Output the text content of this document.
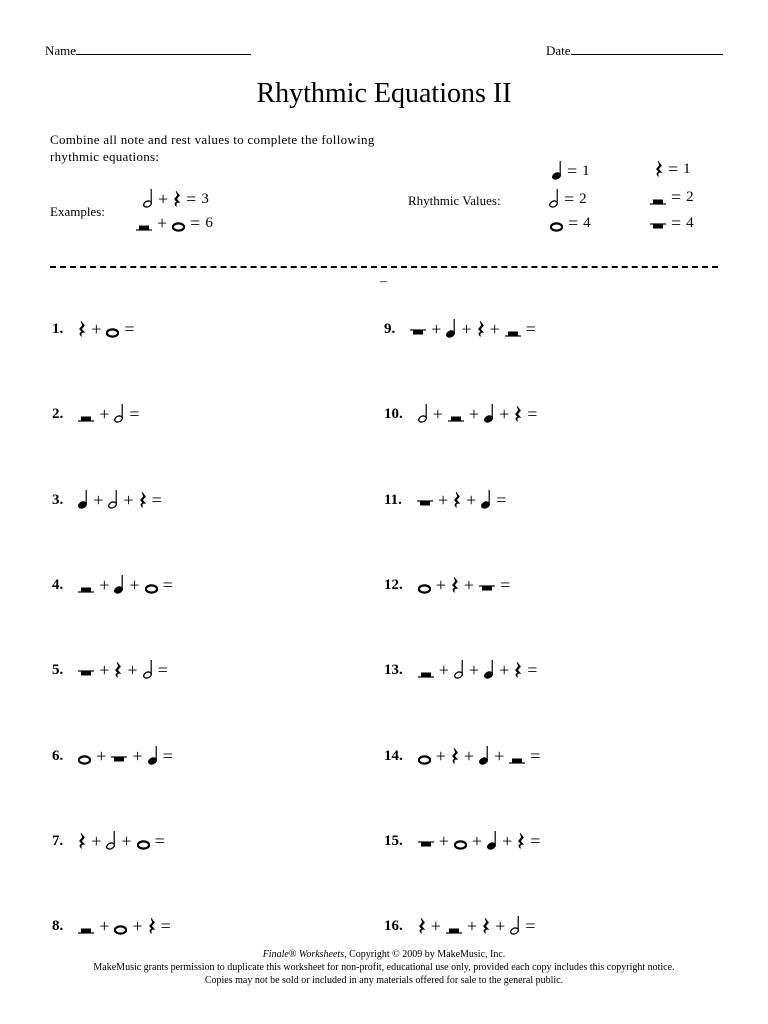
Name	Date
Rhythmic Equations II
Combine all note and rest values to complete the following rhythmic equations:
Examples:
+ = 3
+ = 6
Rhythmic Values:
= 1	= 1
= 2	= 2
= 4	= 4
–
1. + =
2. + =
3. + + =
4. + + =
5. + + =
6. + + =
7. + + =
8. + + =
9. + + + =
10. + + + =
11. + + =
12. + + =
13. + + + =
14. + + + =
15. + + + =
16. + + + =
Finale® Worksheets, Copyright © 2009 by MakeMusic, Inc.
MakeMusic grants permission to duplicate this worksheet for non-profit, educational use only, provided each copy includes this copyright notice.
Copies may not be sold or included in any materials offered for sale to the general public.
